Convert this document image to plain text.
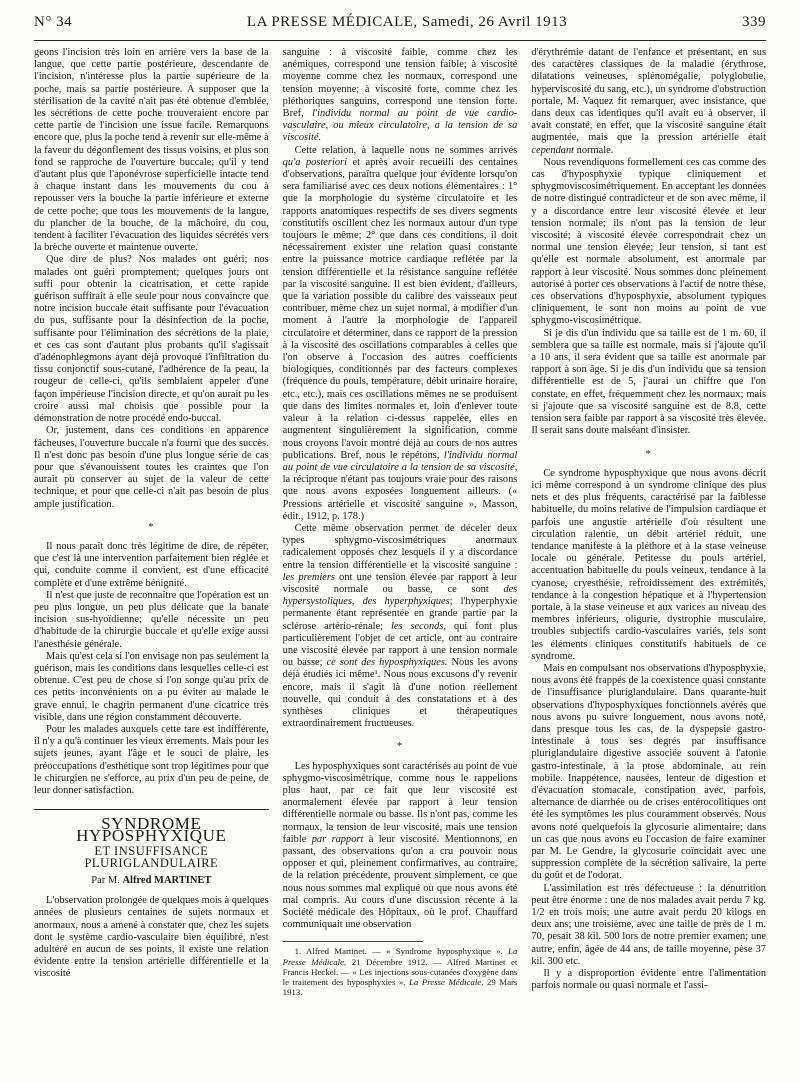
N° 34	LA PRESSE MÉDICALE, Samedi, 26 Avril 1913	339

geons l'incision très loin en arrière vers la base de la langue, que cette partie postérieure, descendante de l'incision, n'intéresse plus la partie supérieure de la poche, mais sa partie postérieure. A supposer que la stérilisation de la cavité n'ait pas été obtenue d'emblée, les sécrétions de cette poche trouveraient encore par cette partie de l'incision une issue facile. Remarquons encore que, plus la poche tend à revenir sur elle-même à la faveur du dégonflement des tissus voisins, et plus son fond se rapproche de l'ouverture buccale; qu'il y tend d'autant plus que l'aponévrose superficielle intacte tend à chaque instant dans les mouvements du cou à repousser vers la bouche la partie inférieure et externe de cette poche; que tous les mouvements de la langue, du plancher de la bouche, de la mâchoire, du cou, tendent à faciliter l'évacuation des liquides sécrétés vers la brèche ouverte et maintenue ouverte.

Que dire de plus? Nos malades ont guéri; nos malades ont guéri promptement; quelques jours ont suffi pour obtenir la cicatrisation, et cette rapide guérison suffirait à elle seule pour nous convaincre que notre incision buccale était suffisante pour l'évacuation du pus, suffisante pour la désinfection de la poche, suffisante pour l'élimination des sécrétions de la plaie, et ces cas sont d'autant plus probants qu'il s'agissait d'adénophlegmons ayant déjà provoqué l'infiltration du tissu conjonctif sous-cutané, l'adhérence de la peau, la rougeur de celle-ci, qu'ils semblaient appeler d'une façon impérieuse l'incision directe, et qu'on aurait pu les croire aussi mal choisis que possible pour la démonstration de notre procédé endo-buccal.

Or, justement, dans ces conditions en apparence fâcheuses, l'ouverture buccale n'a fourni que des succès. Il n'est donc pas besoin d'une plus longue série de cas pour que s'évanouissent toutes les craintes que l'on aurait pu conserver au sujet de la valeur de cette technique, et pour que celle-ci n'ait pas besoin de plus ample justification.

*

Il nous paraît donc très légitime de dire, de répéter, que c'est là une intervention parfaitement bien réglée et qui, conduite comme il convient, est d'une efficacité complète et d'une extrême bénignité.

Il n'est que juste de reconnaître que l'opération est un peu plus longue, un peu plus délicate que la banale incision sus-hyoïdienne; qu'elle nécessite un peu d'habitude de la chirurgie buccale et qu'elle exige aussi l'anesthésie générale.

Mais qu'est cela si l'on envisage non pas seulement la guérison, mais les conditions dans lesquelles celle-ci est obtenue. C'est peu de chose si l'on songe qu'au prix de ces petits inconvénients on a pu éviter au malade le grave ennui, le chagrin permanent d'une cicatrice très visible, dans une région constamment découverte.

Pour les malades auxquels cette tare est indifférente, il n'y a qu'à continuer les vieux errements. Mais pour les sujets jeunes, ayant l'âge et le souci de plaire, les préoccupations d'esthétique sont trop légitimes pour que le chirurgien ne s'efforce, au prix d'un peu de peine, de leur donner satisfaction.

SYNDROME HYPOSPHYXIQUE
ET INSUFFISANCE PLURIGLANDULAIRE
Par M. Alfred MARTINET

L'observation prolongée de quelques mois à quelques années de plusieurs centaines de sujets normaux et anormaux, nous a amené à constater que, chez les sujets dont le système cardio-vasculaire bien équilibré, n'est adultéré en aucun de ses points, il existe une relation évidente entre la tension artérielle différentielle et la viscosité

sanguine : à viscosité faible, comme chez les anémiques, correspond une tension faible; à viscosité moyenne comme chez les normaux, correspond une tension moyenne; à viscosité forte, comme chez les pléthoriques sanguins, correspond une tension forte. Bref, l'individu normal au point de vue cardio-vasculaire, ou mieux circulatoire, a la tension de sa viscosité.

Cette relation, à laquelle nous ne sommes arrivés qu'a posteriori et après avoir recueilli des centaines d'observations, paraîtra quelque jour évidente lorsqu'on sera familiarisé avec ces deux notions élémentaires : 1° que la morphologie du système circulatoire et les rapports anatomiques respectifs de ses divers segments constitutifs oscillent chez les normaux autour d'un type toujours le même; 2° que dans ces conditions, il doit nécessairement exister une relation quasi constante entre la puissance motrice cardiaque reflétée par la tension différentielle et la résistance sanguine reflétée par la viscosité sanguine. Il est bien évident, d'ailleurs, que la variation possible du calibre des vaisseaux peut contribuer, même chez un sujet normal, à modifier d'un moment à l'autre la morphologie de l'appareil circulatoire et déterminer, dans ce rapport de la pression à la viscosité des oscillations comparables à celles que l'on observe à l'occasion des autres coefficients biologiques, conditionnés par des facteurs complexes (fréquence du pouls, température, débit urinaire horaire, etc., etc.), mais ces oscillations mêmes ne se produisent que dans des limites normales et, loin d'enlever toute valeur à la relation ci-dessus rappelée, elles en augmentent singulièrement la signification, comme nous croyons l'avoir montré déjà au cours de nos autres publications. Bref, nous le répétons, l'individu normal au point de vue circulatoire a la tension de sa viscosité, la réciproque n'étant pas toujours vraie pour des raisons que nous avons exposées longuement ailleurs. (« Pressions artérielle et viscosité sanguine », Masson, édit., 1912, p. 178.)

Cette même observation permet de déceler deux types sphygmo-viscosimétriques anormaux radicalement opposés chez lesquels il y a discordance entre la tension différentielle et la viscosité sanguine : les premiers ont une tension élevée par rapport à leur viscosité normale ou basse, ce sont des hypersystoliques, des hyperphyxiques; l'hyperphyxie permanente étant représentée en grande partie par la sclérose artério-rénale; les seconds, qui font plus particulièrement l'objet de cet article, ont au contraire une viscosité élevée par rapport à une tension normale ou basse; ce sont des hyposphyxiques. Nous les avons déjà étudiés ici même¹. Nous nous excusons d'y revenir encore, mais il s'agit là d'une notion réellement nouvelle, qui conduit à des constatations et à des synthèses cliniques et thérapeutiques extraordinairement fructueuses.

*

Les hyposphyxiques sont caractérisés au point de vue sphygmo-viscosimétrique, comme nous le rappelions plus haut, par ce fait que leur viscosité est anormalement élevée par rapport à leur tension différentielle normale ou basse. Ils n'ont pas, comme les normaux, la tension de leur viscosité, mais une tension faible par rapport à leur viscosité. Mentionnons, en passant, des observations qu'on a cru pouvoir nous opposer et qui, pleinement confirmatives, au contraire, de la relation précédente, prouvent simplement, ce que nous nous sommes mal expliqué ou que nous avons été mal compris. Au cours d'une discussion récente à la Société médicale des Hôpitaux, où le prof. Chauffard communiquait une observation

1. Alfred Martinet. — « Syndrome hyposphyxique ». La Presse Médicale, 21 Décembre 1912. — Alfred Martinet et Francis Heckel. — « Les injections sous-cutanées d'oxygène dans le traitement des hyposphyxies ». La Presse Médicale, 29 Mars 1913.

d'érythrémie datant de l'enfance et présentant, en sus des caractères classiques de la maladie (érythrose, dilatations veineuses, splénomégalie, polyglobulie, hyperviscosité du sang, etc.), un syndrome d'obstruction portale, M. Vaquez fit remarquer, avec insistance, que dans deux cas identiques qu'il avait eu à observer, il avait constaté, en effet, que la viscosité sanguine était augmentée, mais que la pression artérielle était cependant normale.

Nous revendiquons formellement ces cas comme des cas d'hyposphyxie typique cliniquement et sphygmoviscosimétriquement. En acceptant les données de notre distingué contradicteur et de son avec même, il y a discordance entre leur viscosité élevée et leur tension normale; ils n'ont pas la tension de leur viscosité; à viscosité élevée correspondrait chez un normal une tension élevée; leur tension, si tant est qu'elle est normale absolument, est anormale par rapport à leur viscosité. Nous sommes donc pleinement autorisé à porter ces observations à l'actif de notre thèse, ces observations d'hyposphyxie, absolument typiques cliniquement, le sont non moins au point de vue sphygmo-viscosimétrique.

Si je dis d'un individu que sa taille est de 1 m. 60, il semblera que sa taille est normale, mais si j'ajoute qu'il a 10 ans, il sera évident que sa taille est anormale par rapport à son âge. Si je dis d'un individu que sa tension différentielle est de 5, j'aurai un chiffre que l'on constate, en effet, fréquemment chez les normaux; mais si j'ajoute que sa viscosité sanguine est de 8.8, cette tension sera faible par rapport à sa viscosité très élevée. Il serait sans doute malséant d'insister.

*

Ce syndrome hyposphyxique que nous avons décrit ici même correspond à un syndrome clinique des plus nets et des plus fréquents, caractérisé par la faiblesse habituelle, du moins relative de l'impulsion cardiaque et parfois une angustie artérielle d'où résultent une circulation ralentie, un débit artériel réduit, une tendance manifeste à la pléthore et à la stase veineuse locale ou générale. Petitesse du pouls artériel, accentuation habituelle du pouls veineux, tendance à la cyanose, cryesthésie, refroidissement des extrémités, tendance à la congestion hépatique et à l'hypertension portale, à la stase veineuse et aux varices au niveau des membres inférieurs, oligurie, dystrophie musculaire, troubles subjectifs cardio-vasculaires variés, tels sont les éléments cliniques constitutifs habituels de ce syndrome.

Mais en compulsant nos observations d'hyposphyxie, nous avons été frappés de la coexistence quasi constante de l'insuffisance pluriglandulaire. Dans quarante-huit observations d'hyposphyxiques fonctionnels avérés que nous avons pu suivre longuement, nous avons noté, dans presque tous les cas, de la dyspepsie gastro-intestinale à tous ses degrés par insuffisance pluriglandulaire digestive associée souvent à l'atonie gastro-intestinale, à la ptose abdominale, au rein mobile. Inappétence, nausées, lenteur de digestion et d'évacuation stomacale, constipation avec, parfois, alternance de diarrhée ou de crises entérocolitiques ont été les symptômes les plus couramment observés. Nous avons noté quelquefois la glycosurie alimentaire; dans un cas que nous avons eu l'occasion de faire examiner par M. Le Gendre, la glycosurie coïncidait avec une suppression complète de la sécrétion salivaire, la perte du goût et de l'odorat.

L'assimilation est très défectueuse : la dénutrition peut être énorme : une de nos malades avait perdu 7 kg. 1/2 en trois mois; une autre avait perdu 20 kilogs en deux ans; une troisième, avec une taille de près de 1 m. 70, pesait 38 kil. 500 lors de notre premier examen; une autre, enfin, âgée de 44 ans, de taille moyenne, pèse 37 kil. 300 etc.

Il y a disproportion évidente entre l'alimentation parfois normale ou quasi normale et l'assi-
